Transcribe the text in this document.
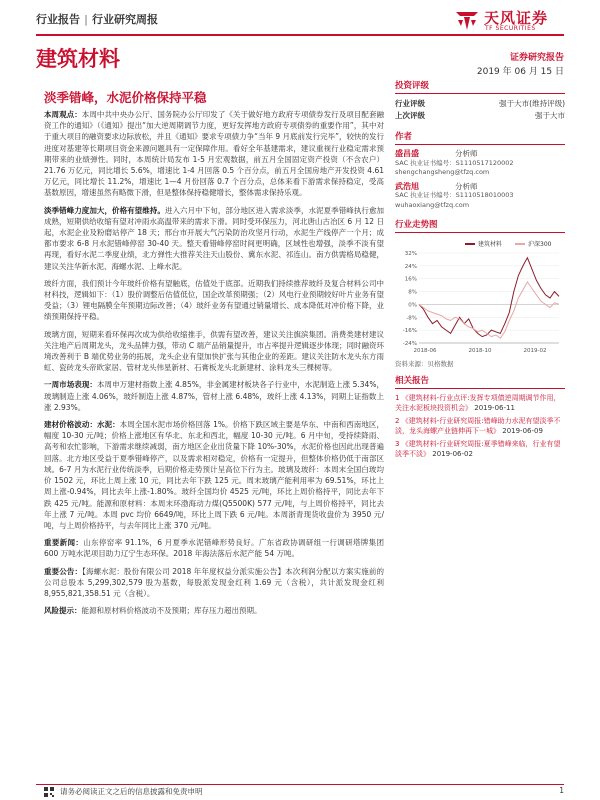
行业报告 | 行业研究周报	天风证券
TF SECURITIES
建筑材料	证券研究报告
2019 年 06 月 15 日
淡季错峰，水泥价格保持平稳

本周观点：本周中共中央办公厅、国务院办公厅印发了《关于做好地方政府专项债券发行及项目配套融资工作的通知》（《通知》提出“加大逆周期调节力度，更好发挥地方政府专项债券的重要作用”，其中对于重大项目的融资要求边际放松，并且《通知》要求专项债力争“当年 9 月底前发行完毕”，较快的发行进度对基建等长期项目资金来源问题具有一定保障作用。看好全年基建需求，建议重视行业稳定需求预期带来的业绩弹性。同时，本周统计局发布 1-5 月宏观数据，前五月全国固定资产投资（不含农户）21.76 万亿元，同比增长 5.6%，增速比 1-4 月回落 0.5 个百分点，前五月全国房地产开发投资 4.61 万亿元，同比增长 11.2%，增速比 1—4 月份回落 0.7 个百分点，总体来看下游需求保持稳定，受高基数原因，增速虽然有略微下滑，但是整体保持稳健增长，整体需求保持乐观。

淡季错峰力度加大，价格有望维持。进入六月中下旬，部分地区进入需求淡季，水泥夏季错峰执行愈加成熟，短期供给收缩有望对冲雨水高温带来的需求下滑。同时受环保压力，河北唐山古冶区 6 月 12 日起，水泥企业及粉磨站停产 18 天；邢台市开展大气污染防治攻坚月行动，水泥生产线停产一个月；成都市要求 6-8 月水泥错峰停窑 30-40 天。整天看错峰停窑时间更明确，区域性也增强，淡季不淡有望再现，看好水泥二季度业绩，北方弹性大推荐关注天山股份、冀东水泥、祁连山。南方供需格局稳健，建议关注华新水泥、海螺水泥、上峰水泥。

玻纤方面，我们预计今年玻纤价格有望触底，估值处于底部。近期我们持续推荐玻纤及复合材料公司中材科技，逻辑如下：（1）股价调整后估值低位，国企改革预期强；（2）风电行业预期较好叶片业务有望受益；（3）锂电隔膜全年预期边际改善；（4）玻纤业务有望通过销量增长、成本降低对冲价格下降，业绩预期保持平稳。

玻璃方面，短期来看环保再次成为供给收缩推手，供需有望改善，建议关注旗滨集团。消费类建材建议关注地产后周期龙头，龙头品牌力强，带动 C 端产品销量提升，市占率提升逻辑逐步体现；同时融资环境改善利于 B 端优势业务的拓展，龙头企业有望加快扩张与其他企业的差距。建议关注防水龙头东方雨虹、瓷砖龙头帝欧家居、管材龙头伟星新材、石膏板龙头北新建材、涂料龙头三棵树等。

一周市场表现：本周申万建材指数上涨 4.85%，非金属建材板块各子行业中，水泥制造上涨 5.34%，玻璃制造上涨 4.06%，玻纤制造上涨 4.87%，管材上涨 6.48%，玻纤上涨 4.13%，同期上证指数上涨 2.93%。

建材价格波动：水泥：本周全国水泥市场价格回落 1%。价格下跌区域主要是华东、中南和西南地区，幅度 10-30 元/吨；价格上涨地区有华北、东北和西北，幅度 10-30 元/吨。6 月中旬，受持续降雨、高考和农忙影响，下游需求继续减弱，南方地区企业出货量下降 10%-30%，水泥价格也因此出现普遍回落。北方地区受益于夏季错峰停产，以及需求相对稳定，价格有一定提升，但整体价格仍低于南部区域。6-7 月为水泥行业传统淡季，后期价格走势预计呈高位下行为主。玻璃及玻纤：本周末全国白玻均价 1502 元，环比上周上涨 10 元，同比去年下跌 125 元。周末玻璃产能利用率为 69.51%，环比上周上涨-0.94%，同比去年上涨-1.80%。玻纤全国均价 4525 元/吨，环比上周价格持平，同比去年下跌 425 元/吨。能源和原材料：本周末环渤海动力煤(Q5500K) 577 元/吨，与上周价格持平，同比去年上涨 7 元/吨。本周 pvc 均价 6649/吨，环比上周下跌 6 元/吨。本周浙青现货收盘价为 3950 元/吨，与上周价格持平，与去年同比上涨 370 元/吨。

重要新闻：山东停窑率 91.1%，6 月夏季水泥错峰形势良好。广东省政协调研组一行调研塔牌集团 600 万吨水泥项目助力辽宁生态环保。2018 年海法落后水泥产能 54 万吨。

重要公告：【海螺水泥：股份有限公司 2018 年年度权益分派实施公告】本次利润分配以方案实施前的公司总股本 5,299,302,579 股为基数，每股派发现金红利 1.69 元（含税），共计派发现金红利 8,955,821,358.51 元（含税）。

风险提示：能源和原材料价格波动不及预期；库存压力超出预期。

投资评级
行业评级	强于大市(维持评级)
上次评级	强于大市
作者
盛昌盛	分析师
SAC 执业证书编号：S1110517120002
shengchangsheng@tfzq.com
武浩旭	分析师
SAC 执业证书编号：S1110518010003
wuhaoxiang@tfzq.com
行业走势图
32%
24%
16%
8%
0%
-8%
-16%
-24%
2018-06	2018-10	2019-02
建筑材料	沪深300
资料来源：贝格数据
相关报告
1 《建筑材料-行业点评:发挥专项债逆周期调节作用，关注水泥板块投资机会》 2019-06-11
2 《建筑材料-行业研究周报:错峰助力水泥有望淡季不淡，龙头海螺产业链伸再下一城》 2019-06-09
3 《建筑材料-行业研究周报:夏季错峰来临，行业有望淡季不淡》 2019-06-02
请务必阅读正文之后的信息披露和免责申明	1
